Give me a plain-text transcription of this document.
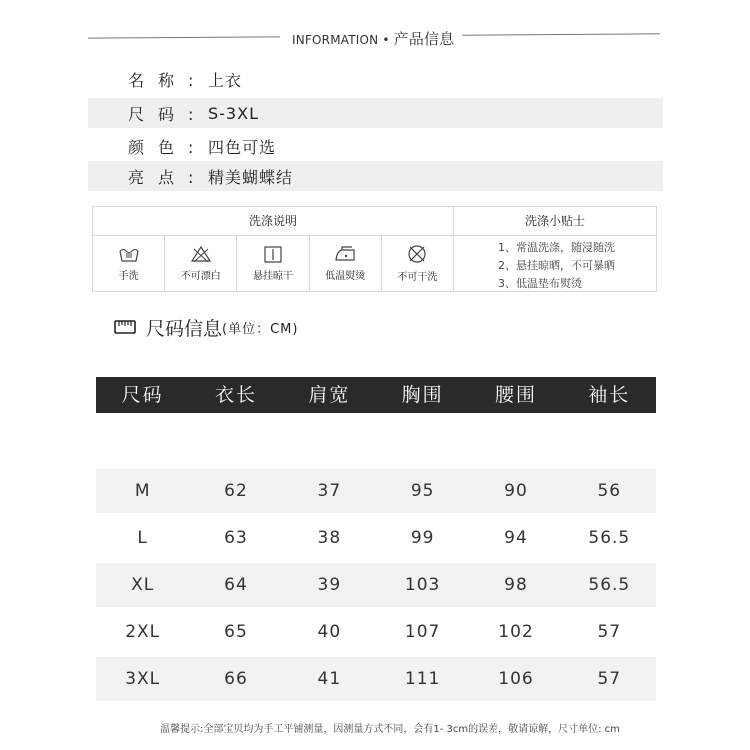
INFORMATION • 产品信息
名称: 上衣
尺码: S-3XL
颜色: 四色可选
亮点: 精美蝴蝶结
洗涤说明
手洗	不可漂白	悬挂晾干	低温熨烫	不可干洗
洗涤小贴士
1、常温洗涤，随浸随洗
2、悬挂晾晒，不可暴晒
3、低温垫布熨烫
尺码信息 (单位：CM)
尺码	衣长	肩宽	胸围	腰围	袖长
M	62	37	95	90	56
L	63	38	99	94	56.5
XL	64	39	103	98	56.5
2XL	65	40	107	102	57
3XL	66	41	111	106	57
温馨提示:全部宝贝均为手工平铺测量，因测量方式不同，会有1- 3cm的误差，敬请谅解，尺寸单位: cm
